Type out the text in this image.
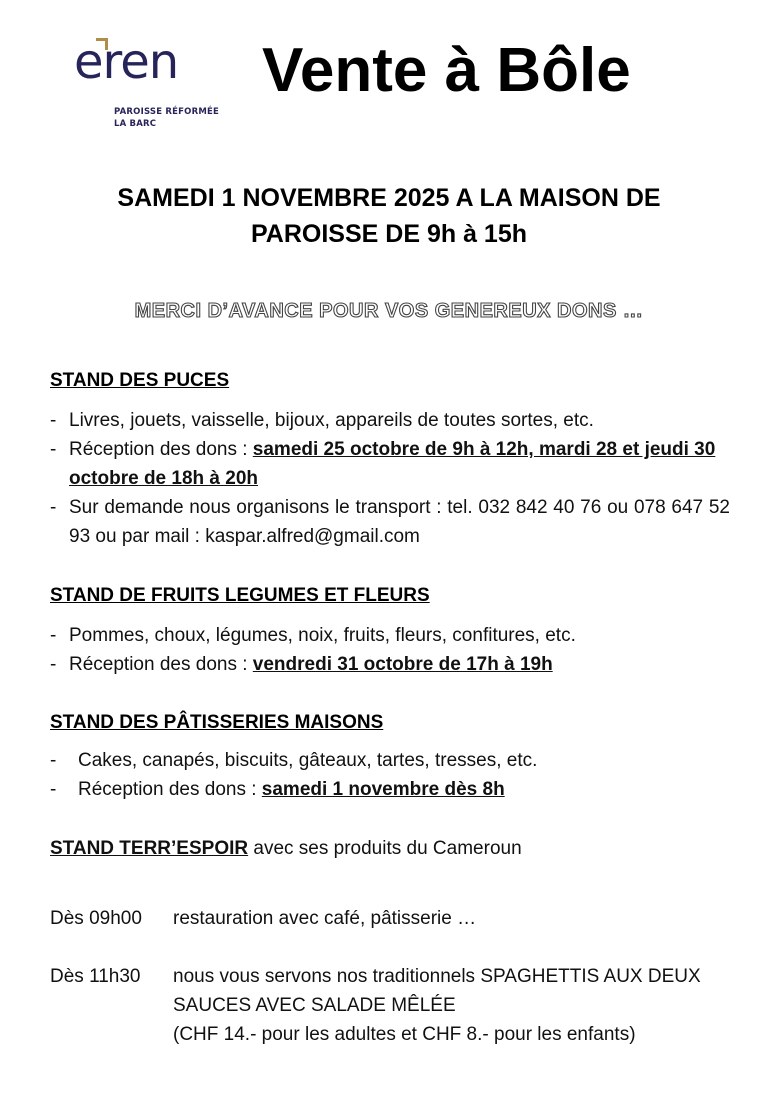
eren
PAROISSE RÉFORMÉE
LA BARC
Vente à Bôle
SAMEDI 1 NOVEMBRE 2025 A LA MAISON DE PAROISSE DE 9h à 15h
MERCI D’AVANCE POUR VOS GENEREUX DONS …
STAND DES PUCES
- Livres, jouets, vaisselle, bijoux, appareils de toutes sortes, etc.
- Réception des dons : samedi 25 octobre de 9h à 12h, mardi 28 et jeudi 30 octobre de 18h à 20h
- Sur demande nous organisons le transport : tel. 032 842 40 76 ou 078 647 52 93 ou par mail : kaspar.alfred@gmail.com
STAND DE FRUITS LEGUMES ET FLEURS
- Pommes, choux, légumes, noix, fruits, fleurs, confitures, etc.
- Réception des dons : vendredi 31 octobre de 17h à 19h
STAND DES PÂTISSERIES MAISONS
- Cakes, canapés, biscuits, gâteaux, tartes, tresses, etc.
- Réception des dons : samedi 1 novembre dès 8h
STAND TERR’ESPOIR avec ses produits du Cameroun
Dès 09h00 restauration avec café, pâtisserie …
Dès 11h30 nous vous servons nos traditionnels SPAGHETTIS AUX DEUX SAUCES AVEC SALADE MÊLÉE
(CHF 14.- pour les adultes et CHF 8.- pour les enfants)
